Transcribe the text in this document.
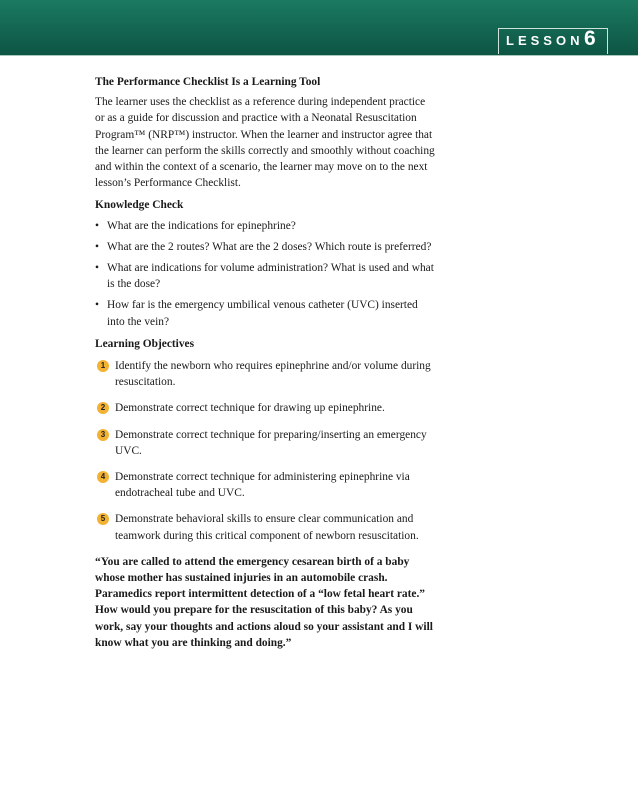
LESSON 6
The Performance Checklist Is a Learning Tool

The learner uses the checklist as a reference during independent practice or as a guide for discussion and practice with a Neonatal Resuscitation Program™ (NRP™) instructor. When the learner and instructor agree that the learner can perform the skills correctly and smoothly without coaching and within the context of a scenario, the learner may move on to the next lesson’s Performance Checklist.

Knowledge Check
• What are the indications for epinephrine?
• What are the 2 routes? What are the 2 doses? Which route is preferred?
• What are indications for volume administration? What is used and what is the dose?
• How far is the emergency umbilical venous catheter (UVC) inserted into the vein?
Learning Objectives
1 Identify the newborn who requires epinephrine and/or volume during resuscitation.
2 Demonstrate correct technique for drawing up epinephrine.
3 Demonstrate correct technique for preparing/inserting an emergency UVC.
4 Demonstrate correct technique for administering epinephrine via endotracheal tube and UVC.
5 Demonstrate behavioral skills to ensure clear communication and teamwork during this critical component of newborn resuscitation.

“You are called to attend the emergency cesarean birth of a baby whose mother has sustained injuries in an automobile crash. Paramedics report intermittent detection of a “low fetal heart rate.” How would you prepare for the resuscitation of this baby? As you work, say your thoughts and actions aloud so your assistant and I will know what you are thinking and doing.”
